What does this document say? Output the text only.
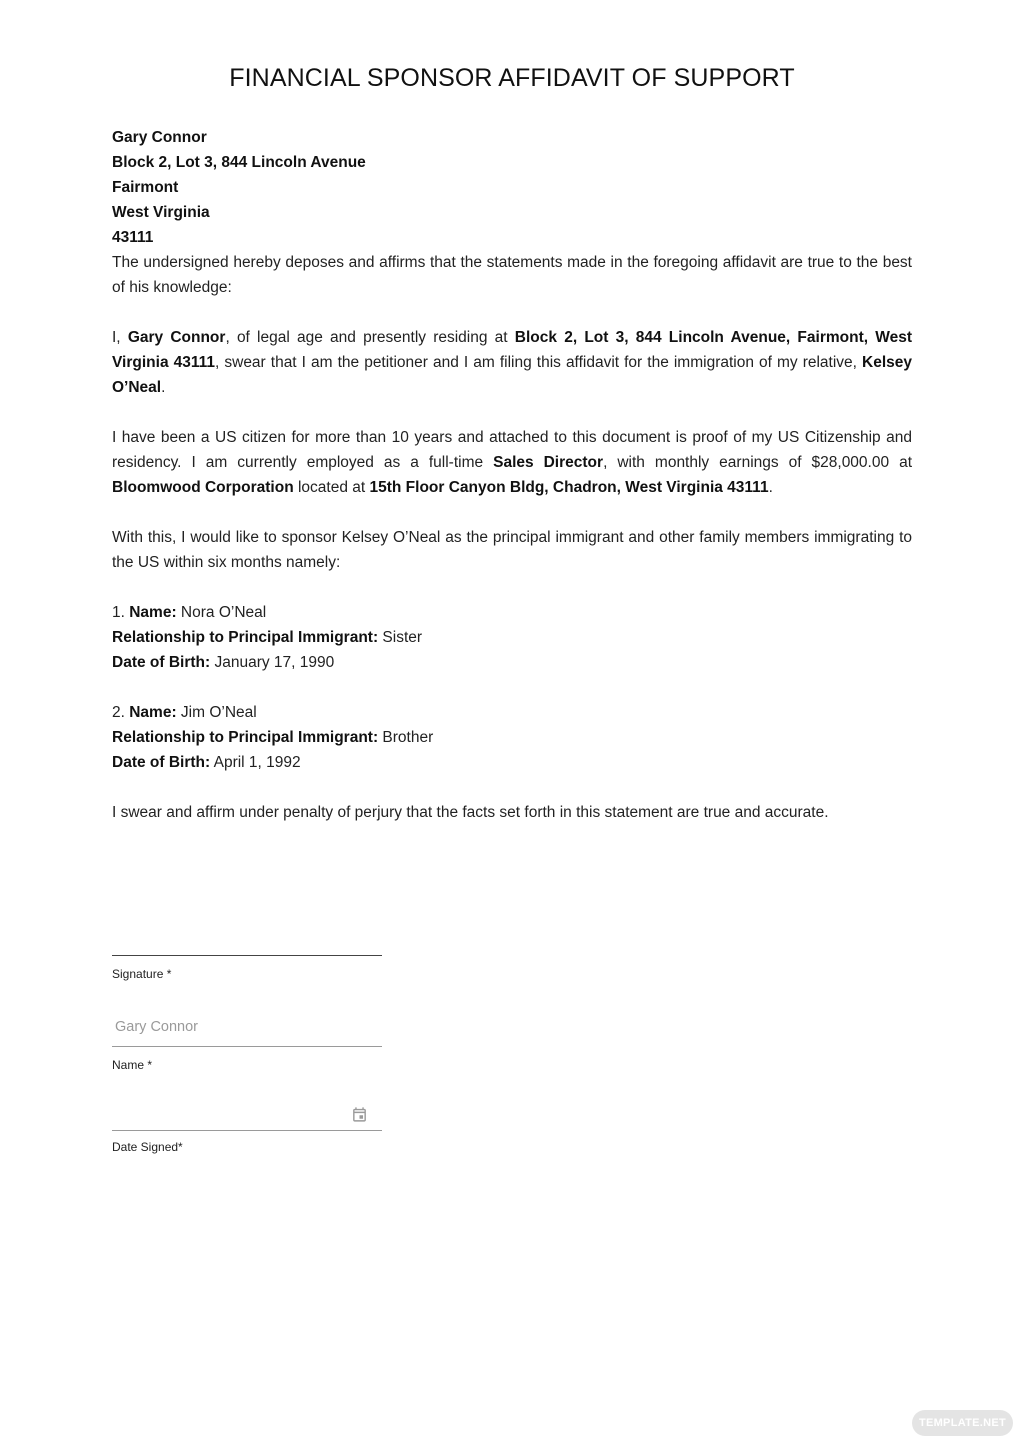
FINANCIAL SPONSOR AFFIDAVIT OF SUPPORT
Gary Connor
Block 2, Lot 3, 844 Lincoln Avenue
Fairmont
West Virginia
43111

The undersigned hereby deposes and affirms that the statements made in the foregoing affidavit are true to the best of his knowledge:

I, Gary Connor, of legal age and presently residing at Block 2, Lot 3, 844 Lincoln Avenue, Fairmont, West Virginia 43111, swear that I am the petitioner and I am filing this affidavit for the immigration of my relative, Kelsey O’Neal.

I have been a US citizen for more than 10 years and attached to this document is proof of my US Citizenship and residency. I am currently employed as a full-time Sales Director, with monthly earnings of $28,000.00 at Bloomwood Corporation located at 15th Floor Canyon Bldg, Chadron, West Virginia 43111.

With this, I would like to sponsor Kelsey O’Neal as the principal immigrant and other family members immigrating to the US within six months namely:

1. Name: Nora O’Neal
Relationship to Principal Immigrant: Sister
Date of Birth: January 17, 1990
2. Name: Jim O’Neal
Relationship to Principal Immigrant: Brother
Date of Birth: April 1, 1992

I swear and affirm under penalty of perjury that the facts set forth in this statement are true and accurate.

Signature *
Gary Connor
Name *
Date Signed*
TEMPLATE.NET
